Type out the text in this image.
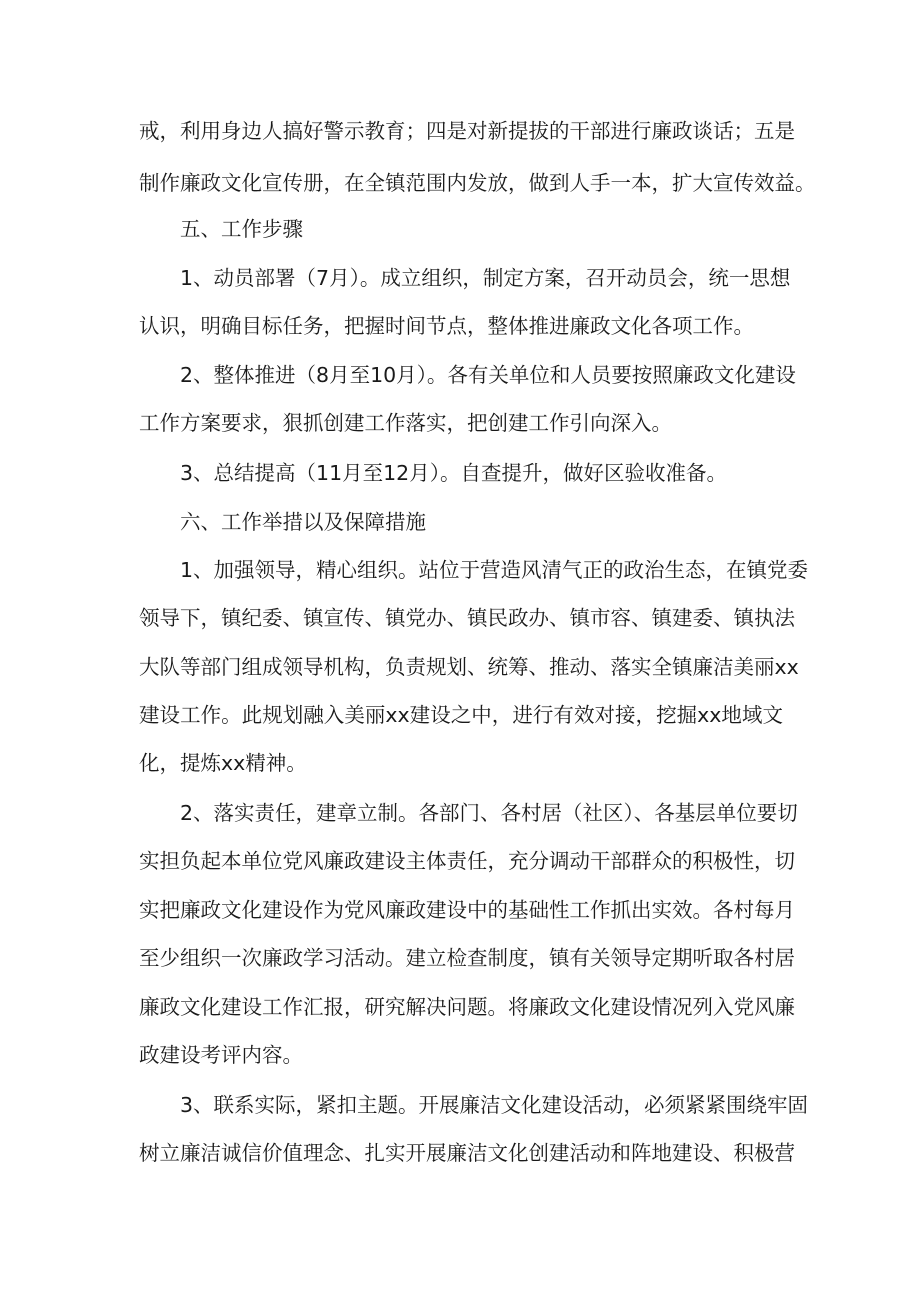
戒，利用身边人搞好警示教育；四是对新提拔的干部进行廉政谈话；五是
制作廉政文化宣传册，在全镇范围内发放，做到人手一本，扩大宣传效益。
五、工作步骤
1、动员部署（7月）。成立组织，制定方案，召开动员会，统一思想
认识，明确目标任务，把握时间节点，整体推进廉政文化各项工作。
2、整体推进（8月至10月）。各有关单位和人员要按照廉政文化建设
工作方案要求，狠抓创建工作落实，把创建工作引向深入。
3、总结提高（11月至12月）。自查提升，做好区验收准备。
六、工作举措以及保障措施
1、加强领导，精心组织。站位于营造风清气正的政治生态，在镇党委
领导下，镇纪委、镇宣传、镇党办、镇民政办、镇市容、镇建委、镇执法
大队等部门组成领导机构，负责规划、统筹、推动、落实全镇廉洁美丽xx
建设工作。此规划融入美丽xx建设之中，进行有效对接，挖掘xx地域文
化，提炼xx精神。
2、落实责任，建章立制。各部门、各村居（社区）、各基层单位要切
实担负起本单位党风廉政建设主体责任，充分调动干部群众的积极性，切
实把廉政文化建设作为党风廉政建设中的基础性工作抓出实效。各村每月
至少组织一次廉政学习活动。建立检查制度，镇有关领导定期听取各村居
廉政文化建设工作汇报，研究解决问题。将廉政文化建设情况列入党风廉
政建设考评内容。
3、联系实际，紧扣主题。开展廉洁文化建设活动，必须紧紧围绕牢固
树立廉洁诚信价值理念、扎实开展廉洁文化创建活动和阵地建设、积极营
